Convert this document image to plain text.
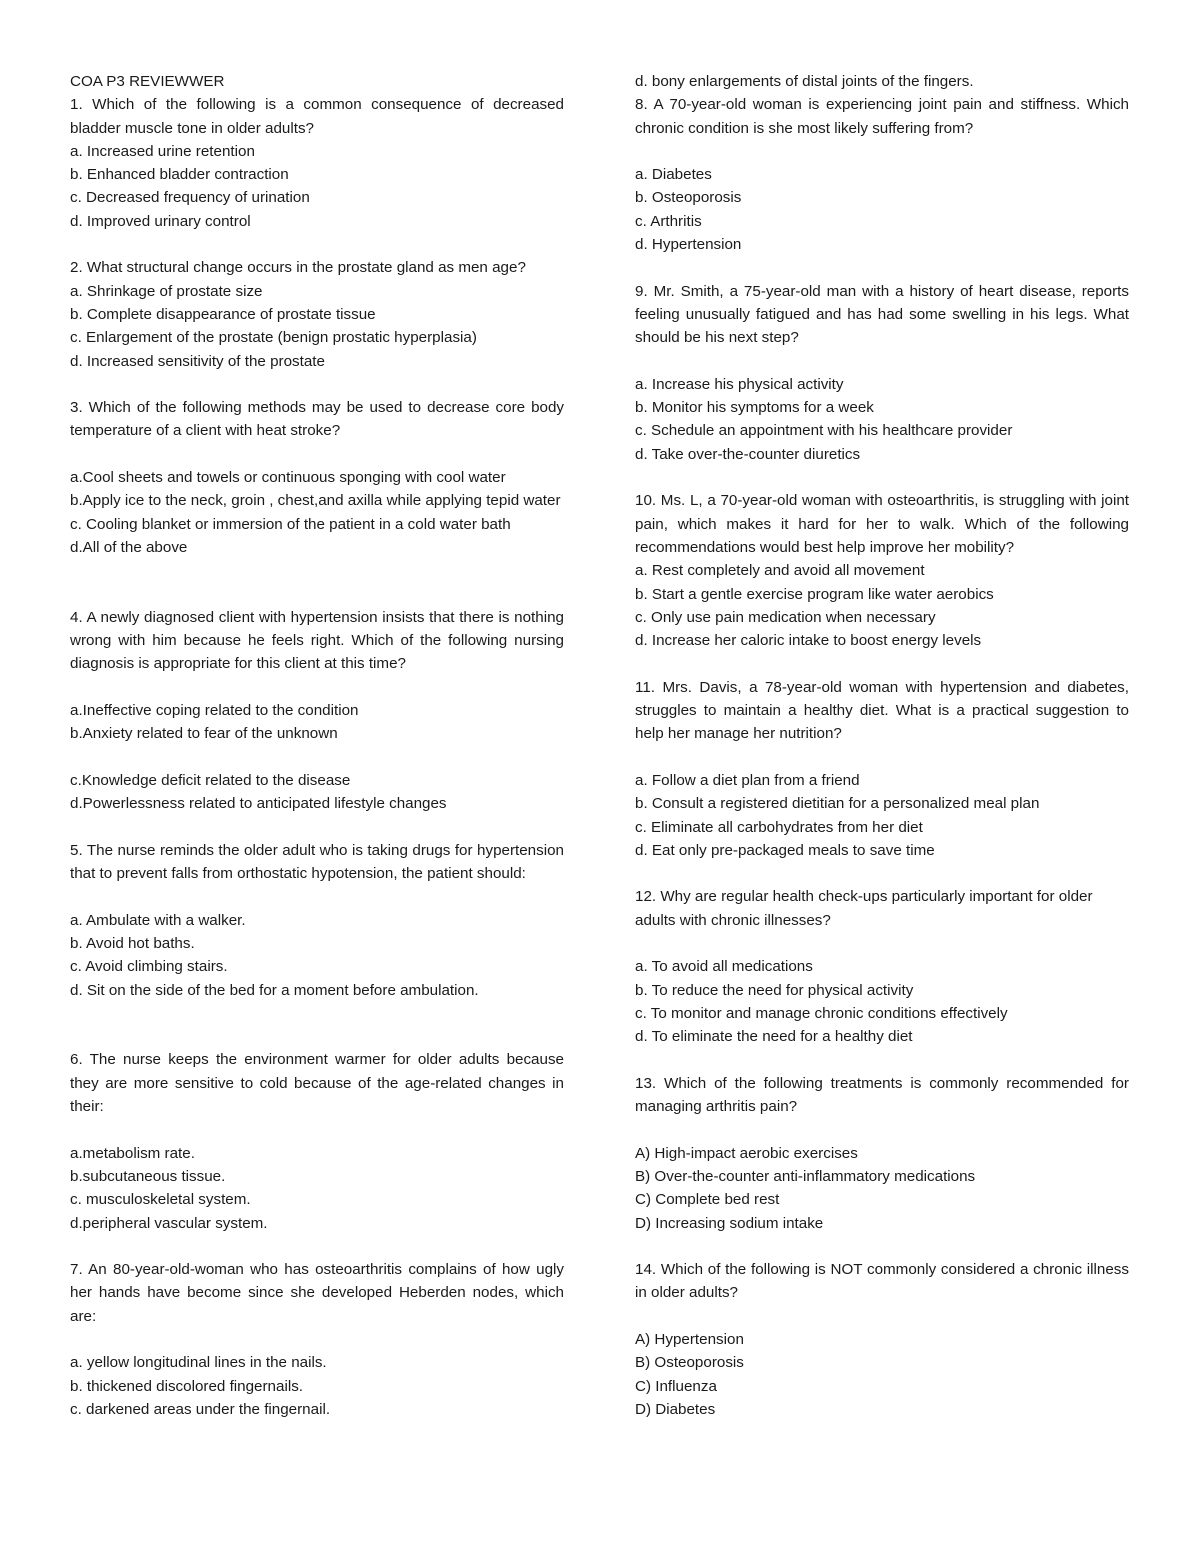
COA P3 REVIEWWER

1. Which of the following is a common consequence of decreased bladder muscle tone in older adults?

a. Increased urine retention
b. Enhanced bladder contraction
c. Decreased frequency of urination
d. Improved urinary control

2. What structural change occurs in the prostate gland as men age?

a. Shrinkage of prostate size
b. Complete disappearance of prostate tissue
c. Enlargement of the prostate (benign prostatic hyperplasia)
d. Increased sensitivity of the prostate

3. Which of the following methods may be used to decrease core body temperature of a client with heat stroke?

a.Cool sheets and towels or continuous sponging with cool water
b.Apply ice to the neck, groin , chest,and axilla while applying tepid water
c. Cooling blanket or immersion of the patient in a cold water bath
d.All of the above

4. A newly diagnosed client with hypertension insists that there is nothing wrong with him because he feels right. Which of the following nursing diagnosis is appropriate for this client at this time?

a.Ineffective coping related to the condition
b.Anxiety related to fear of the unknown
c.Knowledge deficit related to the disease
d.Powerlessness related to anticipated lifestyle changes

5. The nurse reminds the older adult who is taking drugs for hypertension that to prevent falls from orthostatic hypotension, the patient should:

a. Ambulate with a walker.
b. Avoid hot baths.
c. Avoid climbing stairs.
d. Sit on the side of the bed for a moment before ambulation.

6. The nurse keeps the environment warmer for older adults because they are more sensitive to cold because of the age-related changes in their:

a.metabolism rate.
b.subcutaneous tissue.
c. musculoskeletal system.
d.peripheral vascular system.

7. An 80-year-old-woman who has osteoarthritis complains of how ugly her hands have become since she developed Heberden nodes, which are:

a. yellow longitudinal lines in the nails.
b. thickened discolored fingernails.
c. darkened areas under the fingernail.
d. bony enlargements of distal joints of the fingers.

8. A 70-year-old woman is experiencing joint pain and stiffness. Which chronic condition is she most likely suffering from?

a. Diabetes
b. Osteoporosis
c. Arthritis
d. Hypertension

9. Mr. Smith, a 75-year-old man with a history of heart disease, reports feeling unusually fatigued and has had some swelling in his legs. What should be his next step?

a. Increase his physical activity
b. Monitor his symptoms for a week
c. Schedule an appointment with his healthcare provider
d. Take over-the-counter diuretics

10. Ms. L, a 70-year-old woman with osteoarthritis, is struggling with joint pain, which makes it hard for her to walk. Which of the following recommendations would best help improve her mobility?

a. Rest completely and avoid all movement
b. Start a gentle exercise program like water aerobics
c. Only use pain medication when necessary
d. Increase her caloric intake to boost energy levels

11. Mrs. Davis, a 78-year-old woman with hypertension and diabetes, struggles to maintain a healthy diet. What is a practical suggestion to help her manage her nutrition?

a. Follow a diet plan from a friend
b. Consult a registered dietitian for a personalized meal plan
c. Eliminate all carbohydrates from her diet
d. Eat only pre-packaged meals to save time

12. Why are regular health check-ups particularly important for older adults with chronic illnesses?

a. To avoid all medications
b. To reduce the need for physical activity
c. To monitor and manage chronic conditions effectively
d. To eliminate the need for a healthy diet

13. Which of the following treatments is commonly recommended for managing arthritis pain?

A) High-impact aerobic exercises
B) Over-the-counter anti-inflammatory medications
C) Complete bed rest
D) Increasing sodium intake

14. Which of the following is NOT commonly considered a chronic illness in older adults?

A) Hypertension
B) Osteoporosis
C) Influenza
D) Diabetes
